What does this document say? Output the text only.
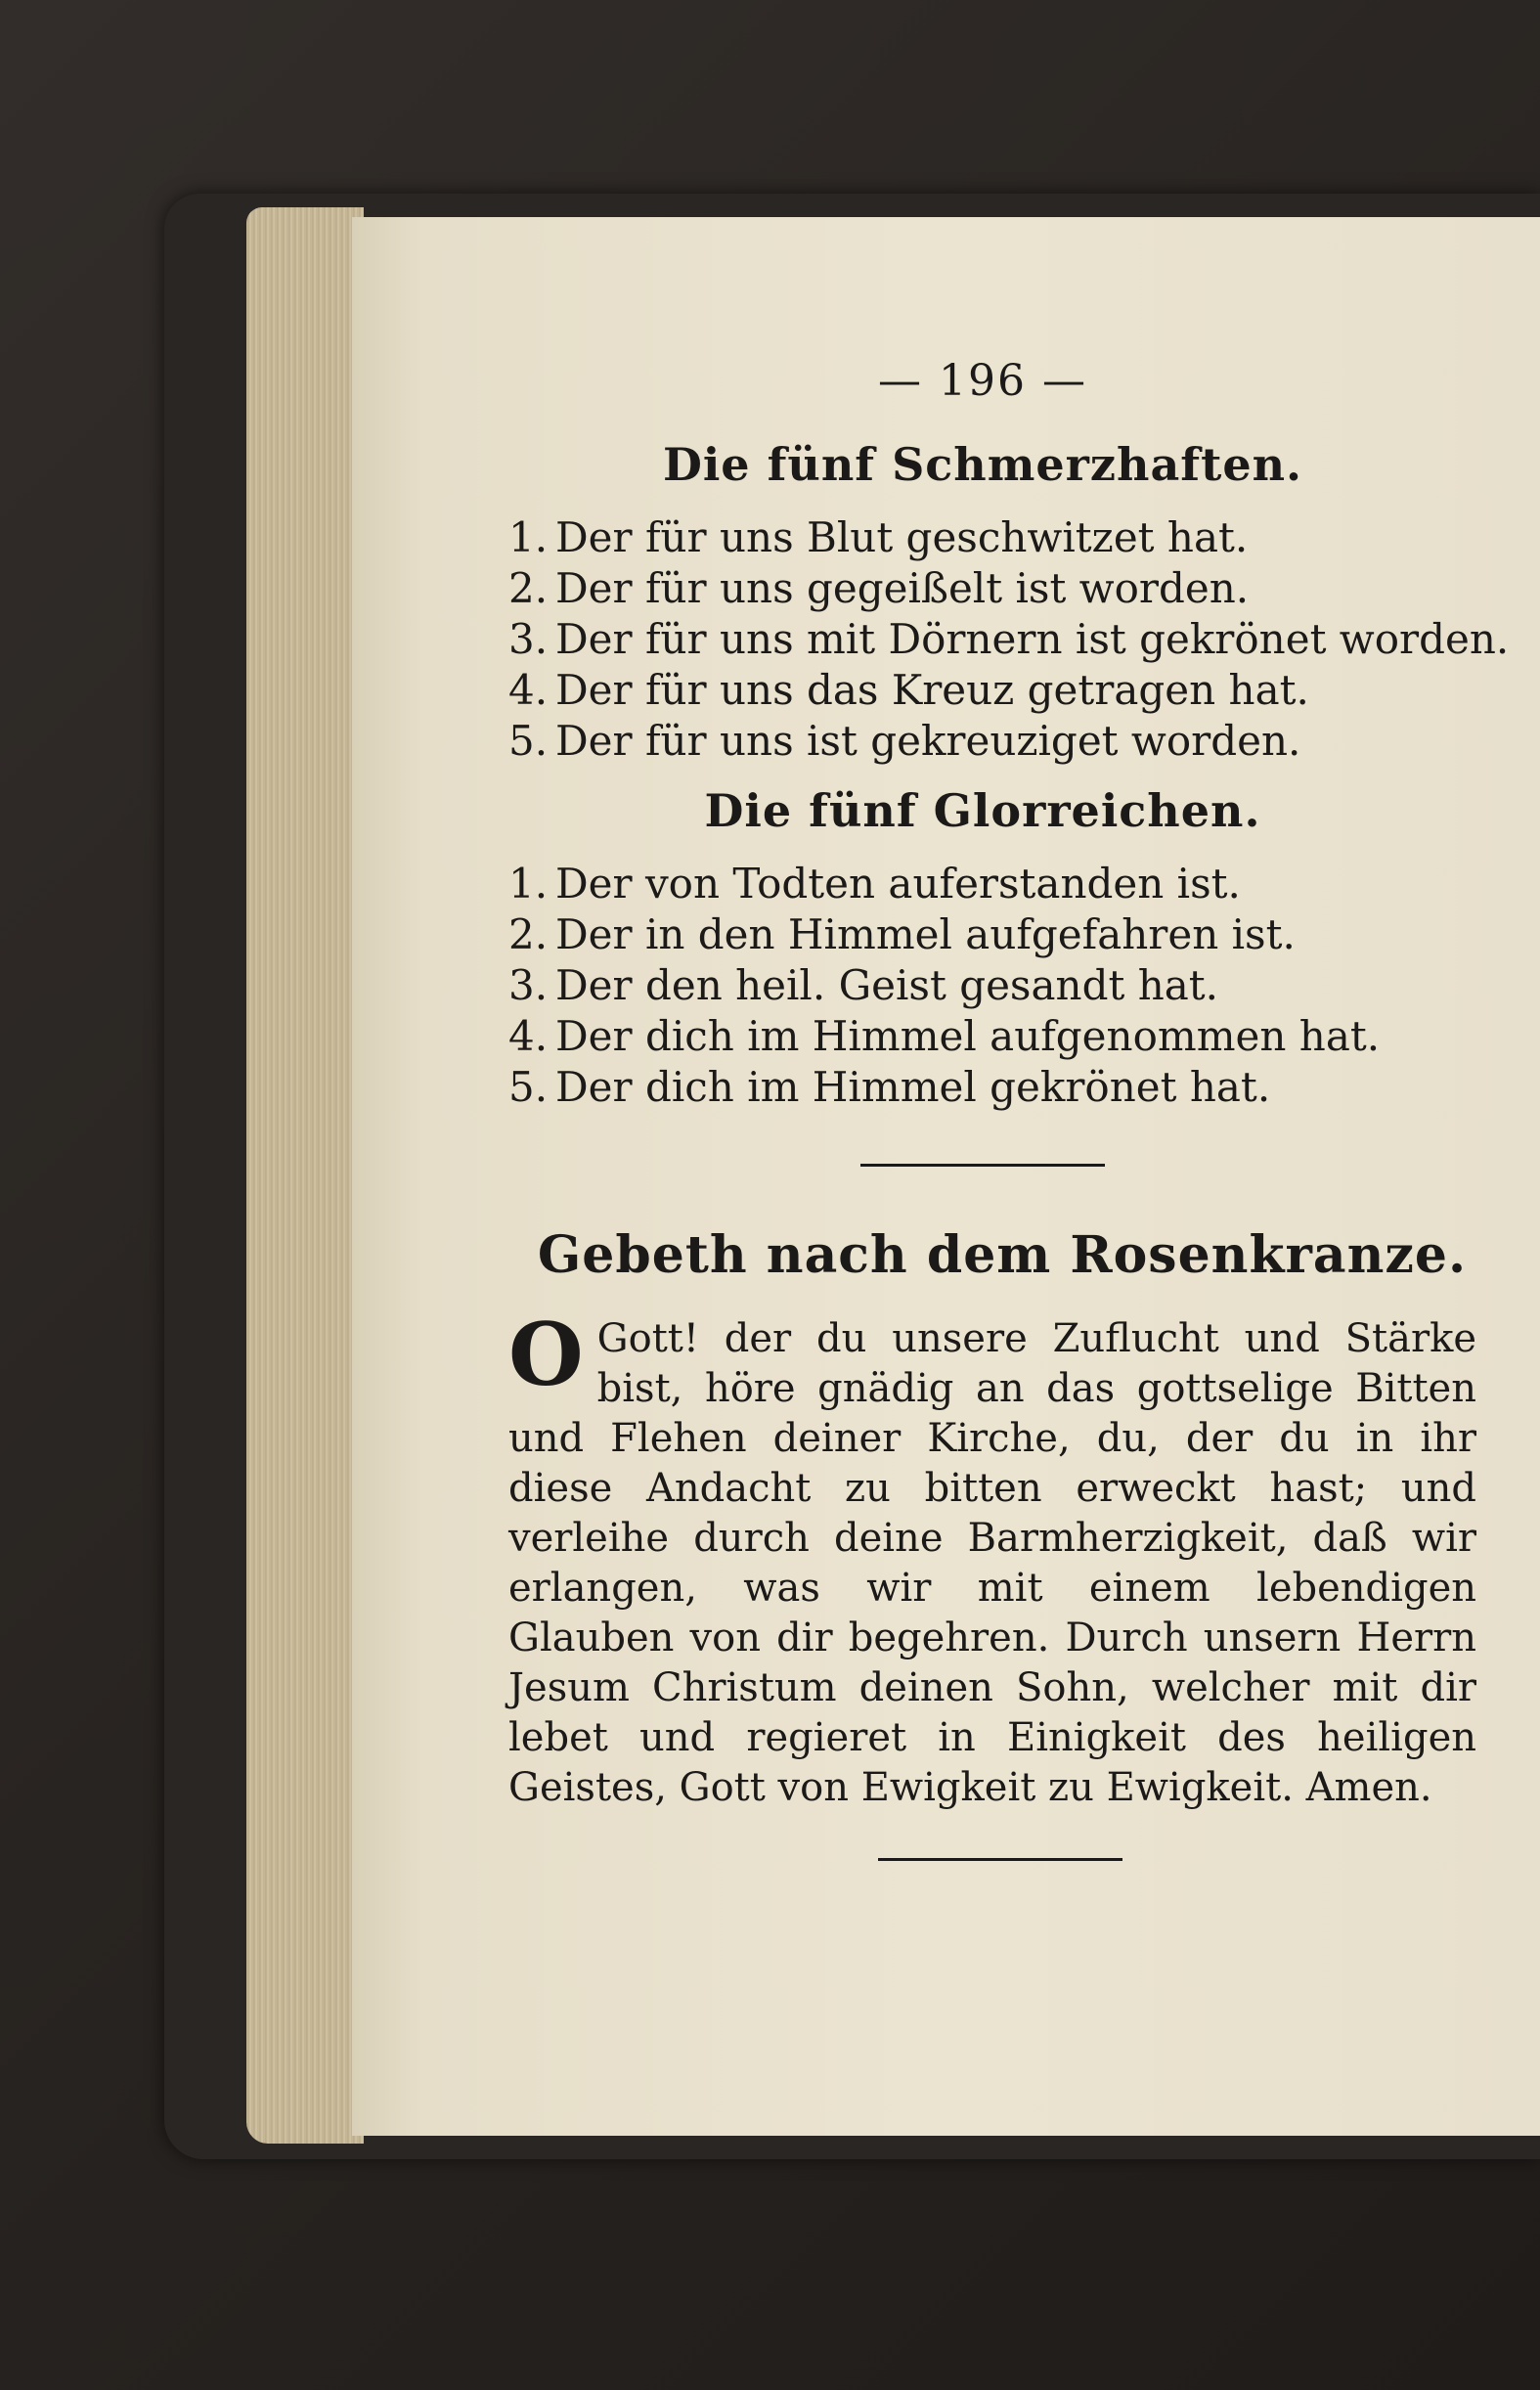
— 196 —
Die fünf Schmerzhaften.
1. Der für uns Blut geschwitzet hat.
2. Der für uns gegeißelt ist worden.
3. Der für uns mit Dörnern ist gekrönet worden.
4. Der für uns das Kreuz getragen hat.
5. Der für uns ist gekreuziget worden.
Die fünf Glorreichen.
1. Der von Todten auferstanden ist.
2. Der in den Himmel aufgefahren ist.
3. Der den heil. Geist gesandt hat.
4. Der dich im Himmel aufgenommen hat.
5. Der dich im Himmel gekrönet hat.
Gebeth nach dem Rosenkranze.
O Gott! der du unsere Zuflucht und Stärke bist, höre gnädig an das gottselige Bitten und Flehen deiner Kirche, du, der du in ihr diese Andacht zu bitten erweckt hast; und verleihe durch deine Barmherzigkeit, daß wir erlangen, was wir mit einem lebendigen Glauben von dir begehren. Durch unsern Herrn Jesum Christum deinen Sohn, welcher mit dir lebet und regieret in Einigkeit des heiligen Geistes, Gott von Ewigkeit zu Ewigkeit. Amen.
